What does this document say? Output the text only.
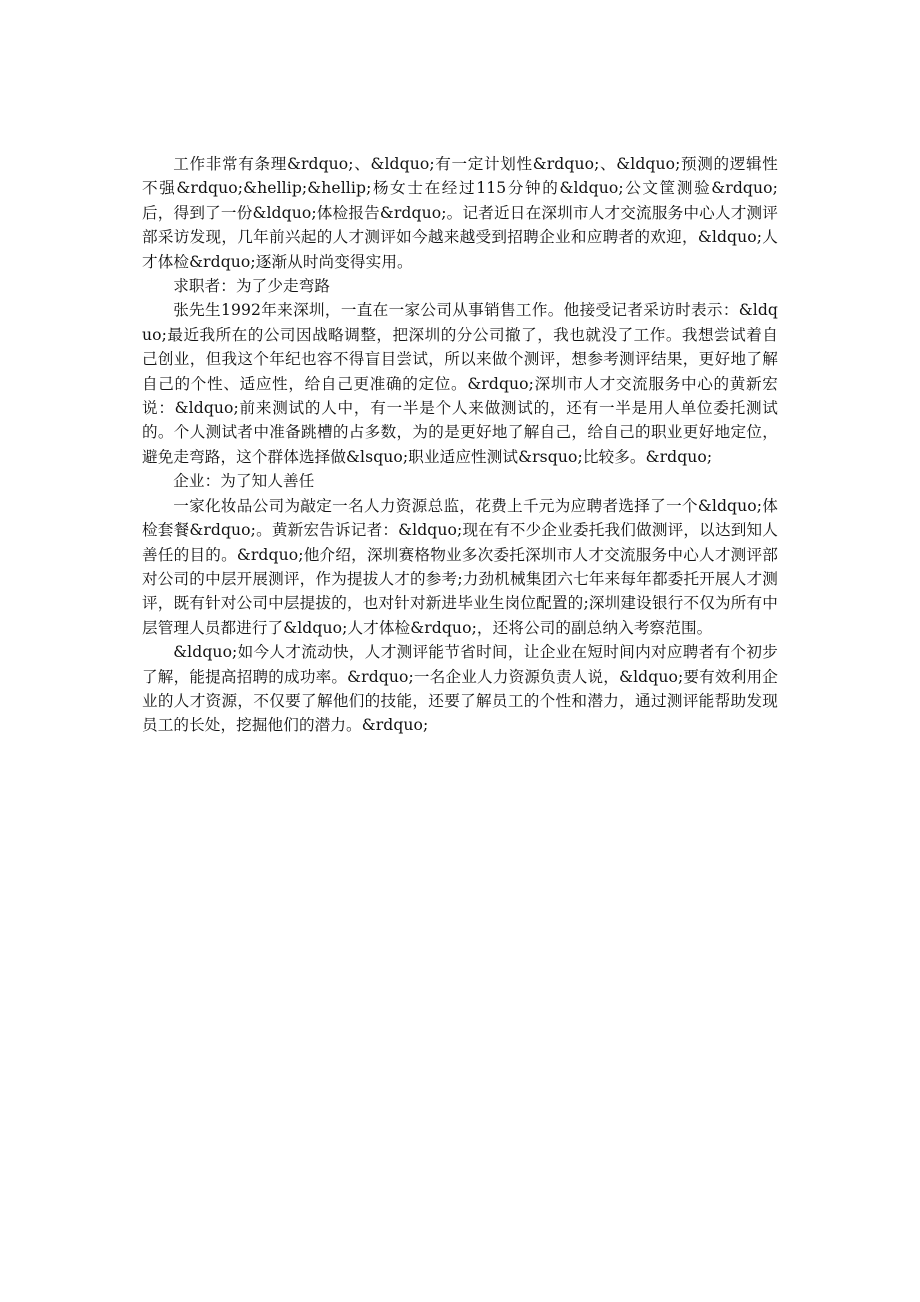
工作非常有条理&rdquo;、&ldquo;有一定计划性&rdquo;、&ldquo;预测的逻辑性不强&rdquo;&hellip;&hellip;杨女士在经过115分钟的&ldquo;公文筐测验&rdquo;后，得到了一份&ldquo;体检报告&rdquo;。记者近日在深圳市人才交流服务中心人才测评部采访发现，几年前兴起的人才测评如今越来越受到招聘企业和应聘者的欢迎，&ldquo;人才体检&rdquo;逐渐从时尚变得实用。

求职者：为了少走弯路

张先生1992年来深圳，一直在一家公司从事销售工作。他接受记者采访时表示：&ldquo;最近我所在的公司因战略调整，把深圳的分公司撤了，我也就没了工作。我想尝试着自己创业，但我这个年纪也容不得盲目尝试，所以来做个测评，想参考测评结果，更好地了解自己的个性、适应性，给自己更准确的定位。&rdquo;深圳市人才交流服务中心的黄新宏说：&ldquo;前来测试的人中，有一半是个人来做测试的，还有一半是用人单位委托测试的。个人测试者中准备跳槽的占多数，为的是更好地了解自己，给自己的职业更好地定位，避免走弯路，这个群体选择做&lsquo;职业适应性测试&rsquo;比较多。&rdquo;

企业：为了知人善任

一家化妆品公司为敲定一名人力资源总监，花费上千元为应聘者选择了一个&ldquo;体检套餐&rdquo;。黄新宏告诉记者：&ldquo;现在有不少企业委托我们做测评，以达到知人善任的目的。&rdquo;他介绍，深圳赛格物业多次委托深圳市人才交流服务中心人才测评部对公司的中层开展测评，作为提拔人才的参考;力劲机械集团六七年来每年都委托开展人才测评，既有针对公司中层提拔的，也对针对新进毕业生岗位配置的;深圳建设银行不仅为所有中层管理人员都进行了&ldquo;人才体检&rdquo;，还将公司的副总纳入考察范围。

&ldquo;如今人才流动快，人才测评能节省时间，让企业在短时间内对应聘者有个初步了解，能提高招聘的成功率。&rdquo;一名企业人力资源负责人说，&ldquo;要有效利用企业的人才资源，不仅要了解他们的技能，还要了解员工的个性和潜力，通过测评能帮助发现员工的长处，挖掘他们的潜力。&rdquo;
